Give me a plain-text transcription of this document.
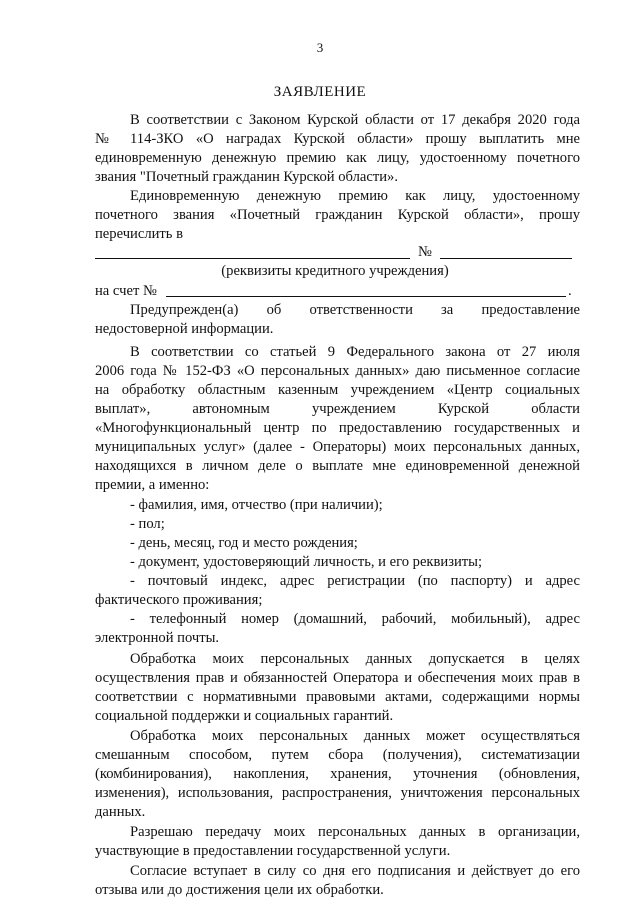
3
ЗАЯВЛЕНИЕ
В соответствии с Законом Курской области от 17 декабря 2020 года
№ 114-ЗКО «О наградах Курской области» прошу выплатить мне
единовременную денежную премию как лицу, удостоенному почетного
звания "Почетный гражданин Курской области».
Единовременную денежную премию как лицу, удостоенному
почетного звания «Почетный гражданин Курской области», прошу
перечислить в
№
(реквизиты кредитного учреждения)
на счет №	.
Предупрежден(а) об ответственности за предоставление
недостоверной информации.
В соответствии со статьей 9 Федерального закона от 27 июля
2006 года № 152-ФЗ «О персональных данных» даю письменное согласие
на обработку областным казенным учреждением «Центр социальных
выплат», автономным учреждением Курской области
«Многофункциональный центр по предоставлению государственных и
муниципальных услуг» (далее - Операторы) моих персональных данных,
находящихся в личном деле о выплате мне единовременной денежной
премии, а именно:
- фамилия, имя, отчество (при наличии);
- пол;
- день, месяц, год и место рождения;
- документ, удостоверяющий личность, и его реквизиты;
- почтовый индекс, адрес регистрации (по паспорту) и адрес
фактического проживания;
- телефонный номер (домашний, рабочий, мобильный), адрес
электронной почты.
Обработка моих персональных данных допускается в целях
осуществления прав и обязанностей Оператора и обеспечения моих прав в
соответствии с нормативными правовыми актами, содержащими нормы
социальной поддержки и социальных гарантий.
Обработка моих персональных данных может осуществляться
смешанным способом, путем сбора (получения), систематизации
(комбинирования), накопления, хранения, уточнения (обновления,
изменения), использования, распространения, уничтожения персональных
данных.
Разрешаю передачу моих персональных данных в организации,
участвующие в предоставлении государственной услуги.
Согласие вступает в силу со дня его подписания и действует до его
отзыва или до достижения цели их обработки.
